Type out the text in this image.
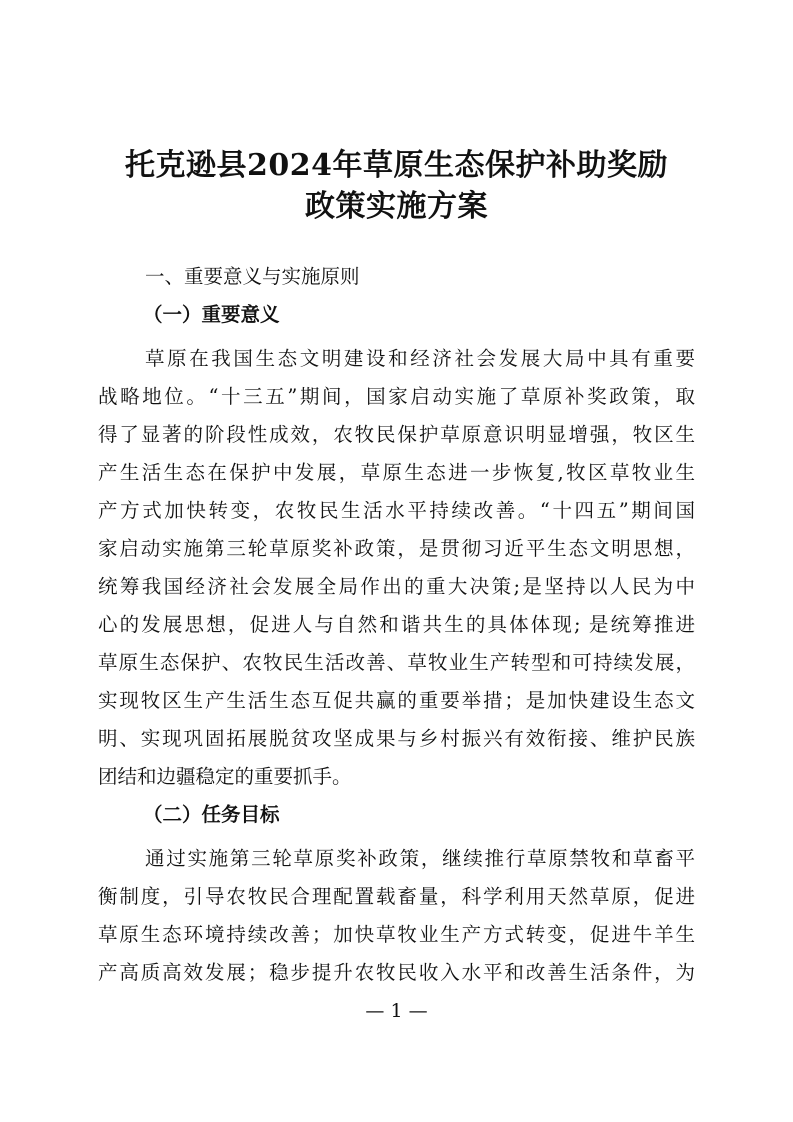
托克逊县2024年草原生态保护补助奖励
政策实施方案
一、重要意义与实施原则
（一）重要意义
草原在我国生态文明建设和经济社会发展大局中具有重要
战略地位。“十三五”期间，国家启动实施了草原补奖政策，取
得了显著的阶段性成效，农牧民保护草原意识明显增强，牧区生
产生活生态在保护中发展，草原生态进一步恢复,牧区草牧业生
产方式加快转变，农牧民生活水平持续改善。“十四五”期间国
家启动实施第三轮草原奖补政策，是贯彻习近平生态文明思想，
统筹我国经济社会发展全局作出的重大决策;是坚持以人民为中
心的发展思想，促进人与自然和谐共生的具体体现; 是统筹推进
草原生态保护、农牧民生活改善、草牧业生产转型和可持续发展，
实现牧区生产生活生态互促共赢的重要举措；是加快建设生态文
明、实现巩固拓展脱贫攻坚成果与乡村振兴有效衔接、维护民族
团结和边疆稳定的重要抓手。
（二）任务目标
通过实施第三轮草原奖补政策，继续推行草原禁牧和草畜平
衡制度，引导农牧民合理配置载畜量，科学利用天然草原，促进
草原生态环境持续改善；加快草牧业生产方式转变，促进牛羊生
产高质高效发展；稳步提升农牧民收入水平和改善生活条件，为
— 1 —
